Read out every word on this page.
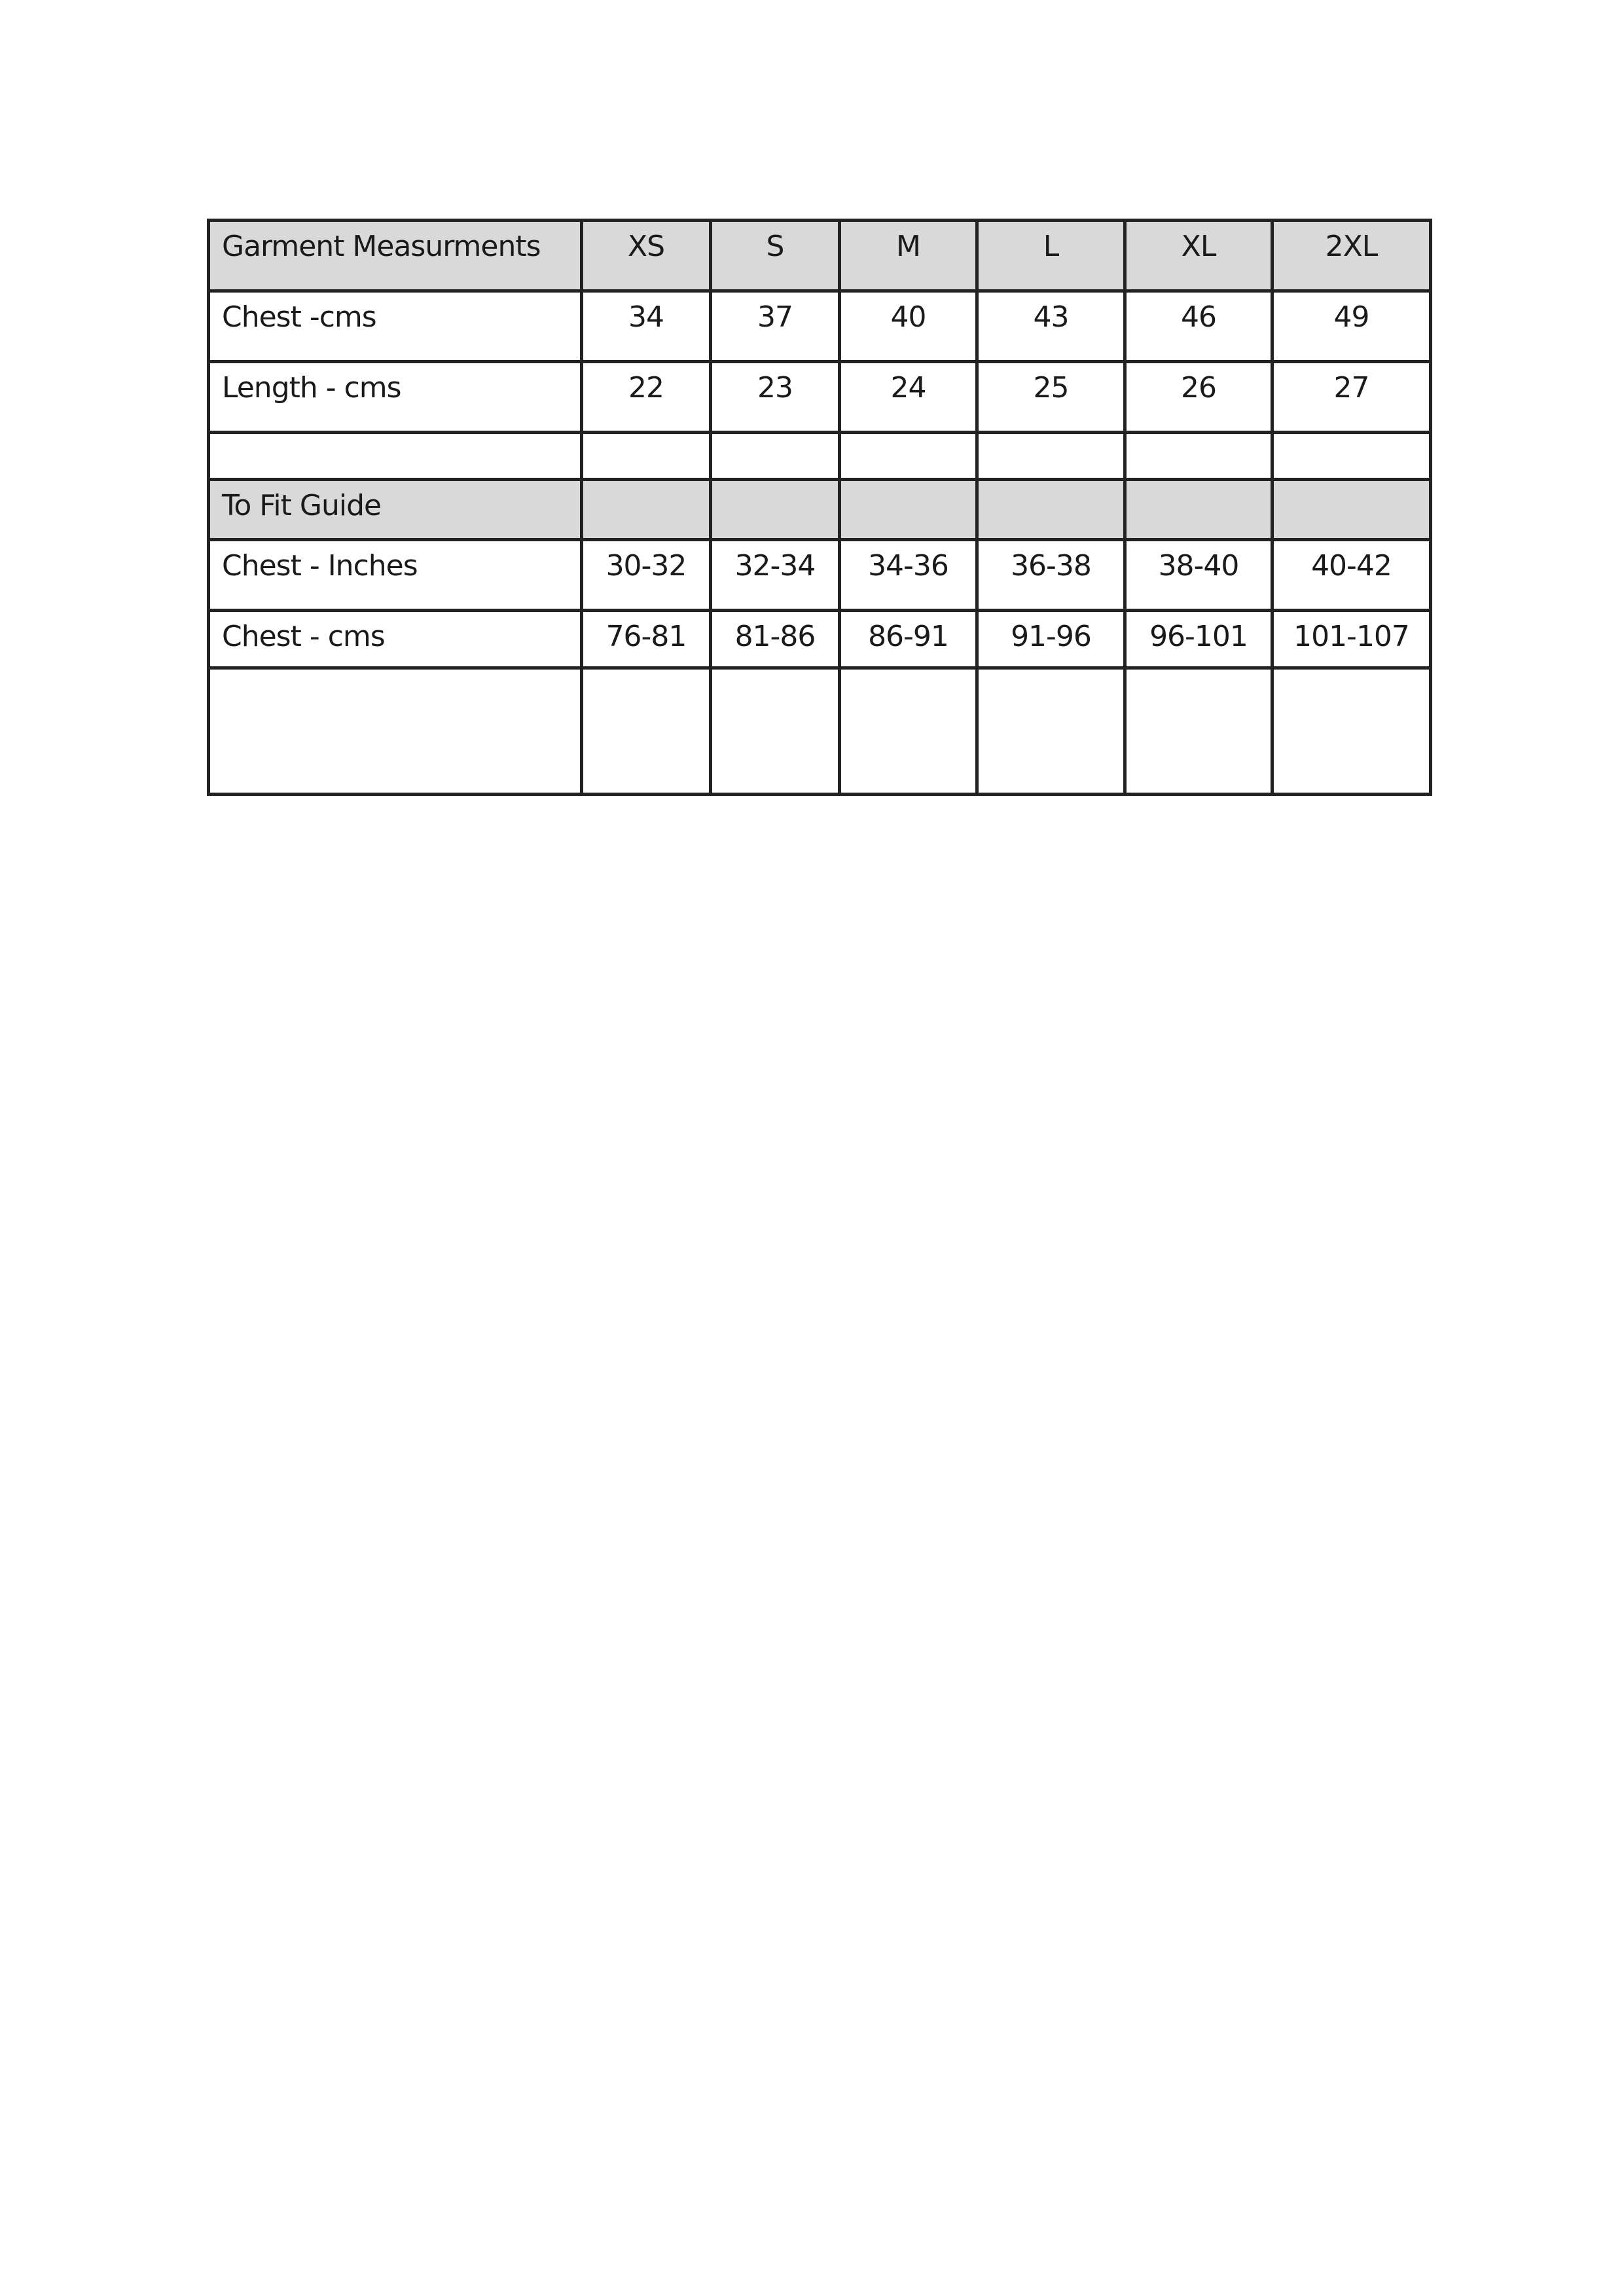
Garment Measurments	XS	S	M	L	XL	2XL
Chest -cms	34	37	40	43	46	49
Length - cms	22	23	24	25	26	27

To Fit Guide						
Chest - Inches	30-32	32-34	34-36	36-38	38-40	40-42
Chest - cms	76-81	81-86	86-91	91-96	96-101	101-107
